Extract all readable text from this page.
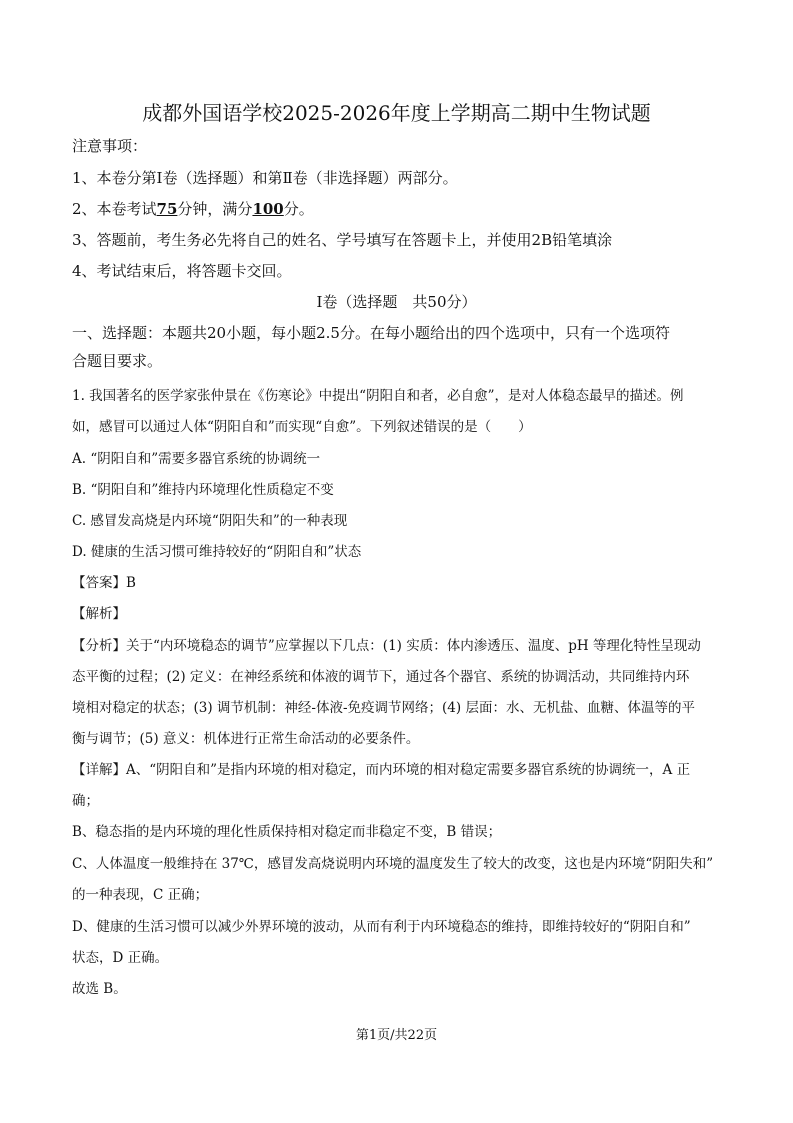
成都外国语学校2025-2026年度上学期高二期中生物试题
注意事项：
1、本卷分第Ⅰ卷（选择题）和第Ⅱ卷（非选择题）两部分。
2、本卷考试75分钟，满分100分。
3、答题前，考生务必先将自己的姓名、学号填写在答题卡上，并使用2B铅笔填涂
4、考试结束后，将答题卡交回。
Ⅰ卷（选择题　共50分）
一、选择题：本题共20小题，每小题2.5分。在每小题给出的四个选项中，只有一个选项符
合题目要求。
1. 我国著名的医学家张仲景在《伤寒论》中提出“阴阳自和者，必自愈”，是对人体稳态最早的描述。例
如，感冒可以通过人体“阴阳自和”而实现“自愈”。下列叙述错误的是（　　）
A. “阴阳自和”需要多器官系统的协调统一
B. “阴阳自和”维持内环境理化性质稳定不变
C. 感冒发高烧是内环境“阴阳失和”的一种表现
D. 健康的生活习惯可维持较好的“阴阳自和”状态
【答案】B
【解析】
【分析】关于“内环境稳态的调节”应掌握以下几点：(1) 实质：体内渗透压、温度、pH 等理化特性呈现动
态平衡的过程；(2) 定义：在神经系统和体液的调节下，通过各个器官、系统的协调活动，共同维持内环
境相对稳定的状态；(3) 调节机制：神经-体液-免疫调节网络；(4) 层面：水、无机盐、血糖、体温等的平
衡与调节；(5) 意义：机体进行正常生命活动的必要条件。
【详解】A、“阴阳自和”是指内环境的相对稳定，而内环境的相对稳定需要多器官系统的协调统一，A 正
确；
B、稳态指的是内环境的理化性质保持相对稳定而非稳定不变，B 错误；
C、人体温度一般维持在 37℃，感冒发高烧说明内环境的温度发生了较大的改变，这也是内环境“阴阳失和”
的一种表现，C 正确；
D、健康的生活习惯可以减少外界环境的波动，从而有利于内环境稳态的维持，即维持较好的“阴阳自和”
状态，D 正确。
故选 B。
第1页/共22页
